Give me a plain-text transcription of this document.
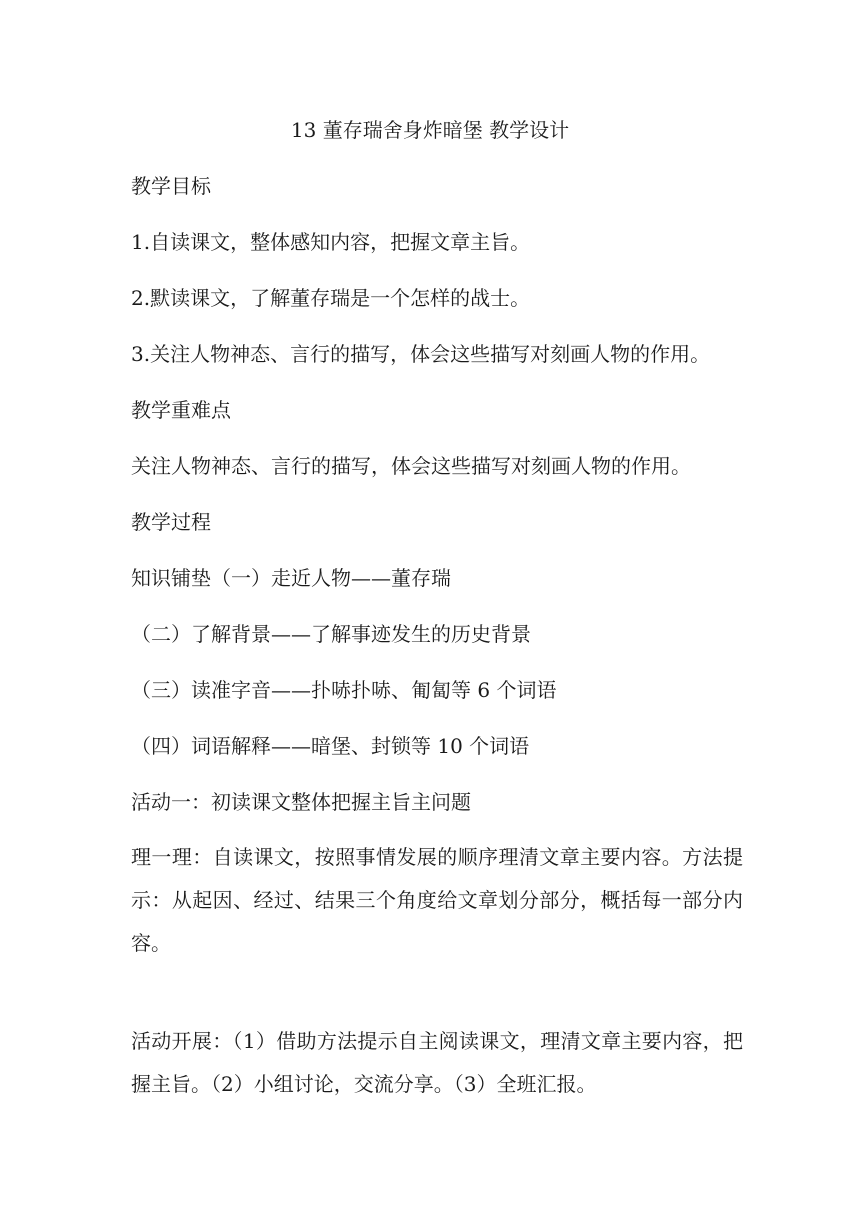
13 董存瑞舍身炸暗堡 教学设计
教学目标
1.自读课文，整体感知内容，把握文章主旨。
2.默读课文，了解董存瑞是一个怎样的战士。
3.关注人物神态、言行的描写，体会这些描写对刻画人物的作用。
教学重难点
关注人物神态、言行的描写，体会这些描写对刻画人物的作用。
教学过程
知识铺垫（一）走近人物——董存瑞
（二）了解背景——了解事迹发生的历史背景
（三）读准字音——扑哧扑哧、匍匐等 6 个词语
（四）词语解释——暗堡、封锁等 10 个词语
活动一：初读课文整体把握主旨主问题
理一理：自读课文，按照事情发展的顺序理清文章主要内容。方法提示：从起因、经过、结果三个角度给文章划分部分，概括每一部分内容。
活动开展：（1）借助方法提示自主阅读课文，理清文章主要内容，把握主旨。（2）小组讨论，交流分享。（3）全班汇报。
